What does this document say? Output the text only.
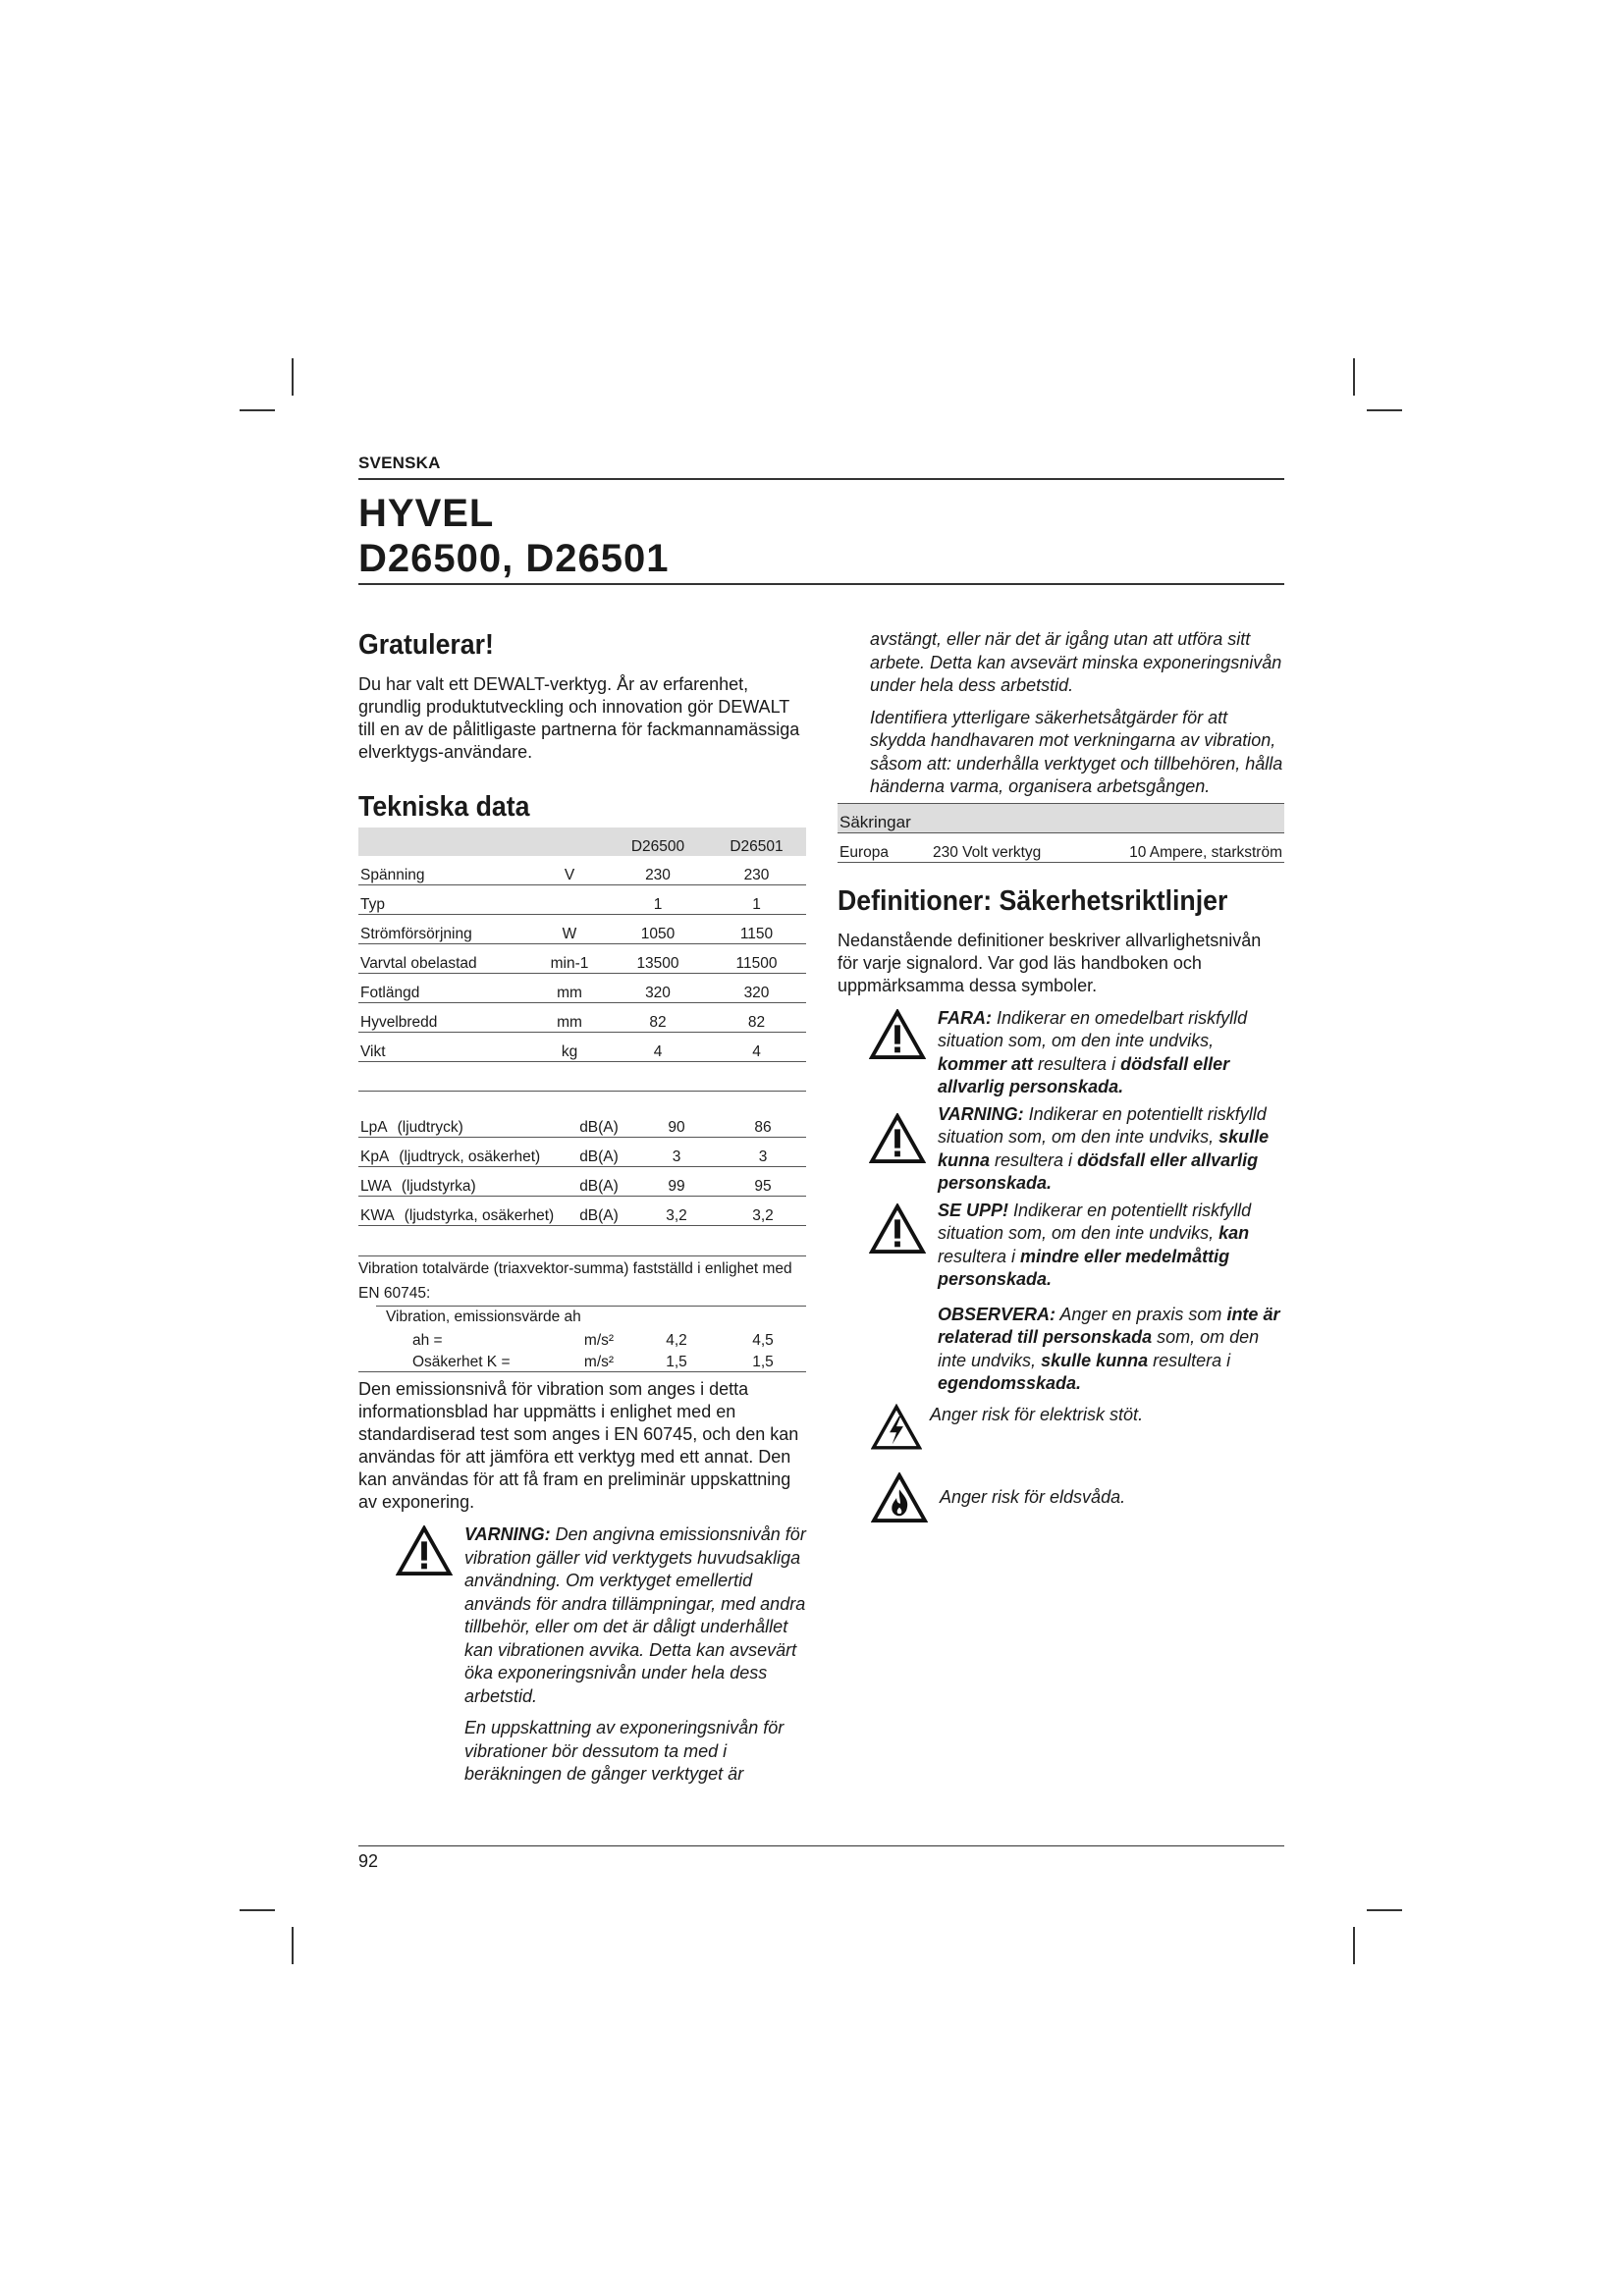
SVENSKA
HYVEL
D26500, D26501
Gratulerar!

Du har valt ett DEWALT-verktyg. År av erfarenhet, grundlig produktutveckling och innovation gör DEWALT till en av de pålitligaste partnerna för fackmannamässiga elverktygs-användare.

Tekniska data
		D26500	D26501
Spänning	V	230	230
Typ		1	1
Strömförsörjning	W	1050	1150
Varvtal obelastad	min-1	13500	11500
Fotlängd	mm	320	320
Hyvelbredd	mm	82	82
Vikt	kg	4	4

LpA (ljudtryck)	dB(A)	90	86
KpA (ljudtryck, osäkerhet)	dB(A)	3	3
LWA (ljudstyrka)	dB(A)	99	95
KWA (ljudstyrka, osäkerhet)	dB(A)	3,2	3,2
Vibration totalvärde (triaxvektor-summa) fastställd i enlighet med EN 60745:
Vibration, emissionsvärde ah
ah =	m/s²	4,2	4,5
Osäkerhet K =	m/s²	1,5	1,5

Den emissionsnivå för vibration som anges i detta informationsblad har uppmätts i enlighet med en standardiserad test som anges i EN 60745, och den kan användas för att jämföra ett verktyg med ett annat. Den kan användas för att få fram en preliminär uppskattning av exponering.

VARNING: Den angivna emissionsnivån för vibration gäller vid verktygets huvudsakliga användning. Om verktyget emellertid används för andra tillämpningar, med andra tillbehör, eller om det är dåligt underhållet kan vibrationen avvika. Detta kan avsevärt öka exponeringsnivån under hela dess arbetstid.
En uppskattning av exponeringsnivån för vibrationer bör dessutom ta med i beräkningen de gånger verktyget är
avstängt, eller när det är igång utan att utföra sitt arbete. Detta kan avsevärt minska exponeringsnivån under hela dess arbetstid.
Identifiera ytterligare säkerhetsåtgärder för att skydda handhavaren mot verkningarna av vibration, såsom att: underhålla verktyget och tillbehören, hålla händerna varma, organisera arbetsgången.
Säkringar
Europa	230 Volt verktyg	10 Ampere, starkström
Definitioner: Säkerhetsriktlinjer

Nedanstående definitioner beskriver allvarlighetsnivån för varje signalord. Var god läs handboken och uppmärksamma dessa symboler.

FARA: Indikerar en omedelbart riskfylld situation som, om den inte undviks, kommer att resultera i dödsfall eller allvarlig personskada.
VARNING: Indikerar en potentiellt riskfylld situation som, om den inte undviks, skulle kunna resultera i dödsfall eller allvarlig personskada.
SE UPP! Indikerar en potentiellt riskfylld situation som, om den inte undviks, kan resultera i mindre eller medelmåttig personskada.
OBSERVERA: Anger en praxis som inte är relaterad till personskada som, om den inte undviks, skulle kunna resultera i egendomsskada.
Anger risk för elektrisk stöt.
Anger risk för eldsvåda.
92
